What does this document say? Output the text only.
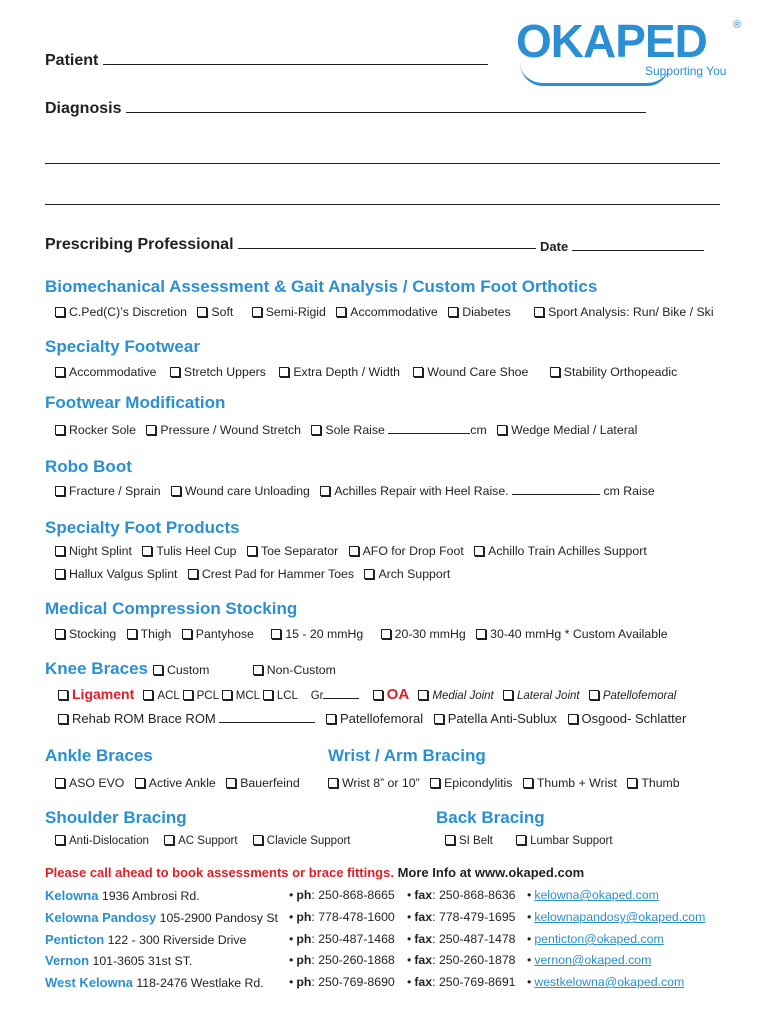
OKAPED ®
Supporting You
Patient
Diagnosis
Prescribing Professional	Date
Biomechanical Assessment & Gait Analysis / Custom Foot Orthotics
C.Ped(C)’s Discretion Soft	Semi-Rigid Accommodative Diabetes	Sport Analysis: Run/ Bike / Ski
Specialty Footwear
Accommodative Stretch Uppers Extra Depth / Width Wound Care Shoe	Stability Orthopeadic
Footwear Modification
Rocker Sole Pressure / Wound Stretch Sole Raise	cm Wedge Medial / Lateral
Robo Boot
Fracture / Sprain Wound care Unloading Achilles Repair with Heel Raise.	cm Raise
Specialty Foot Products
Night Splint Tulis Heel Cup Toe Separator AFO for Drop Foot Achillo Train Achilles Support
Hallux Valgus Splint Crest Pad for Hammer Toes Arch Support
Medical Compression Stocking
Stocking Thigh Pantyhose	15 - 20 mmHg	20-30 mmHg 30-40 mmHg * Custom Available
Knee Braces	Custom	Non-Custom
Ligament ACL PCL MCL LCL Gr	OA Medial Joint Lateral Joint Patellofemoral
Rehab ROM Brace ROM	Patellofemoral Patella Anti-Sublux Osgood- Schlatter
Ankle Braces	Wrist / Arm Bracing
ASO EVO Active Ankle Bauerfeind	Wrist 8” or 10” Epicondylitis Thumb + Wrist Thumb
Shoulder Bracing	Back Bracing
Anti-Dislocation	AC Support	Clavicle Support	SI Belt	Lumbar Support
Please call ahead to book assessments or brace fittings. More Info at www.okaped.com
Kelowna 1936 Ambrosi Rd.	• ph: 250-868-8665 • fax: 250-868-8636 • kelowna@okaped.com
Kelowna Pandosy 105-2900 Pandosy St • ph: 778-478-1600 • fax: 778-479-1695 • kelownapandosy@okaped.com
Penticton 122 - 300 Riverside Drive	• ph: 250-487-1468 • fax: 250-487-1478 • penticton@okaped.com
Vernon 101-3605 31st ST.	• ph: 250-260-1868 • fax: 250-260-1878 • vernon@okaped.com
West Kelowna 118-2476 Westlake Rd. • ph: 250-769-8690 • fax: 250-769-8691 • westkelowna@okaped.com
